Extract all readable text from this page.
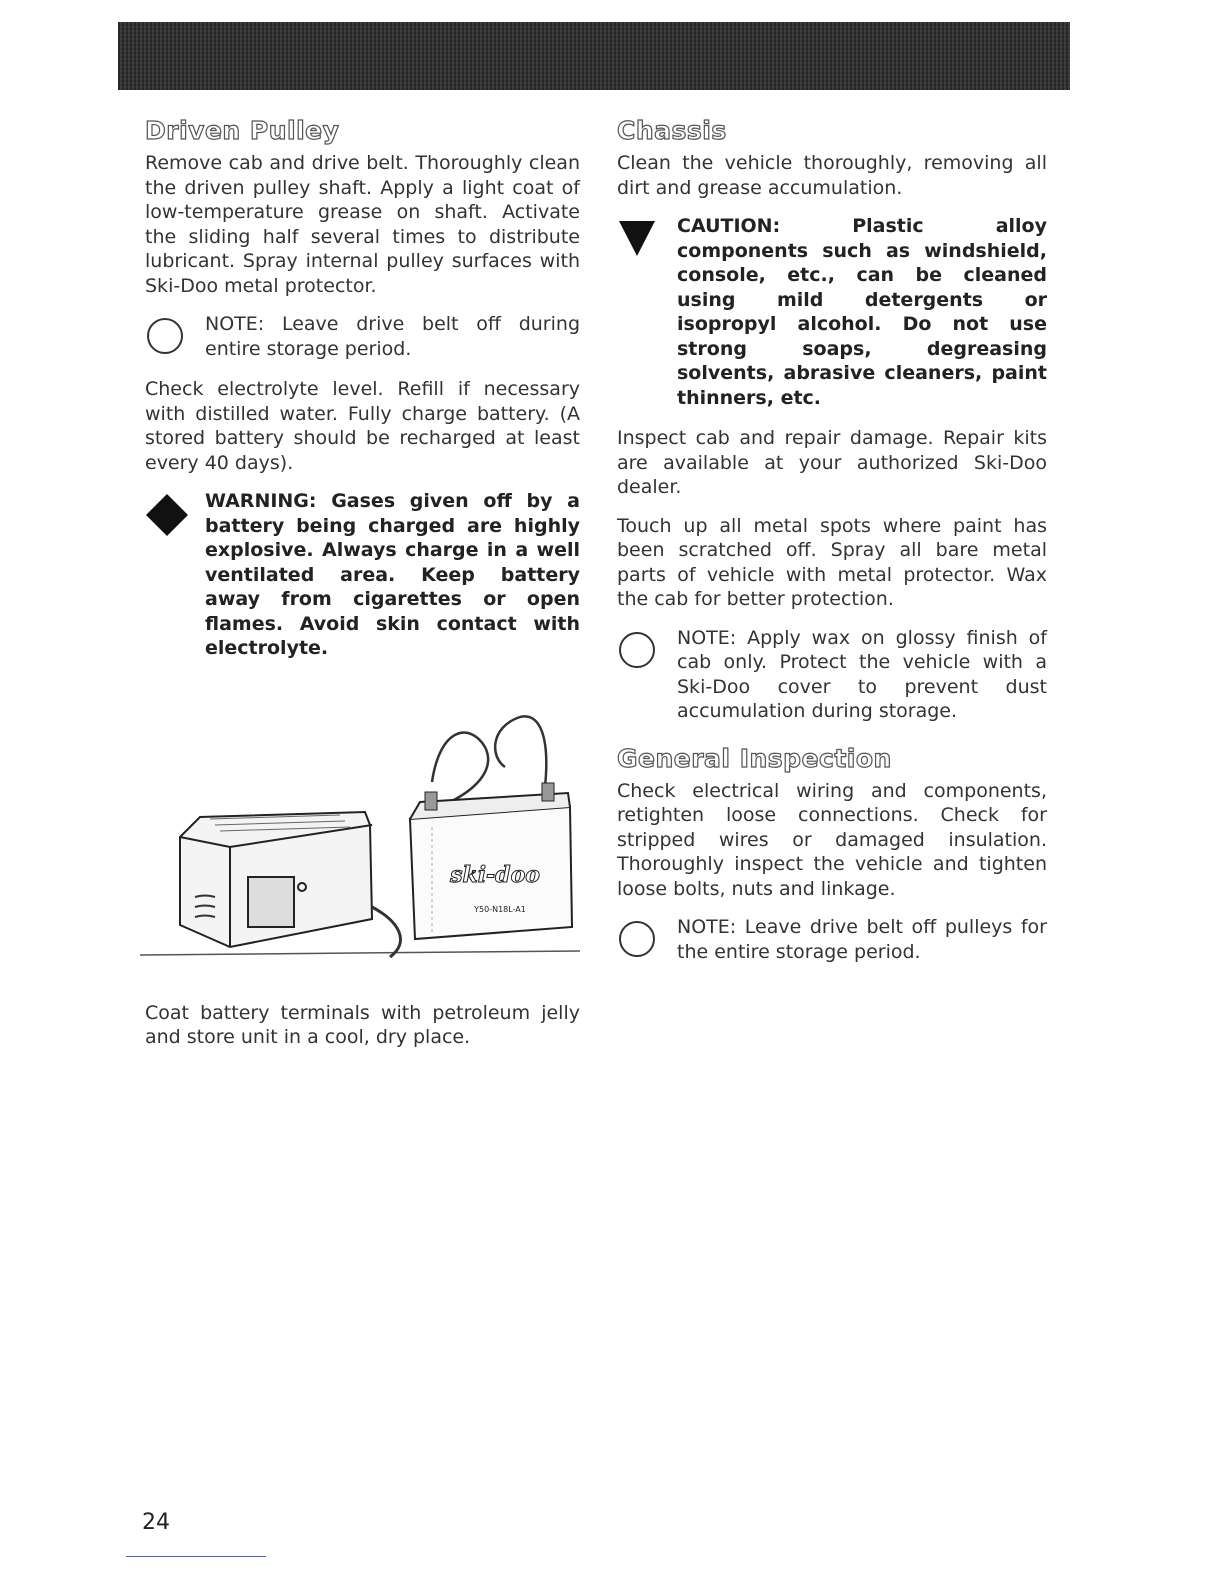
Driven Pulley

Remove cab and drive belt. Thoroughly clean the driven pulley shaft. Apply a light coat of low-temperature grease on shaft. Activate the sliding half several times to distribute lubricant. Spray internal pulley surfaces with Ski-Doo metal protector.

NOTE: Leave drive belt off during entire storage period.

Check electrolyte level. Refill if necessary with distilled water. Fully charge battery. (A stored battery should be recharged at least every 40 days).

WARNING: Gases given off by a battery being charged are highly explosive. Always charge in a well ventilated area. Keep battery away from cigarettes or open flames. Avoid skin contact with electrolyte.

ski-doo
Y50-N18L-A1

Coat battery terminals with petroleum jelly and store unit in a cool, dry place.

Chassis

Clean the vehicle thoroughly, removing all dirt and grease accumulation.

CAUTION:	Plastic alloy components such as windshield, console, etc., can be cleaned using mild detergents or isopropyl alcohol. Do not use strong soaps, degreasing solvents, abrasive cleaners, paint thinners, etc.

Inspect cab and repair damage. Repair kits are available at your authorized Ski-Doo dealer.

Touch up all metal spots where paint has been scratched off. Spray all bare metal parts of vehicle with metal protector. Wax the cab for better protection.

NOTE: Apply wax on glossy finish of cab only. Protect the vehicle with a Ski-Doo cover to prevent dust accumulation during storage.

General Inspection

Check electrical wiring and components, retighten loose connections. Check for stripped wires or damaged insulation. Thoroughly inspect the vehicle and tighten loose bolts, nuts and linkage.

NOTE: Leave drive belt off pulleys for the entire storage period.

24
